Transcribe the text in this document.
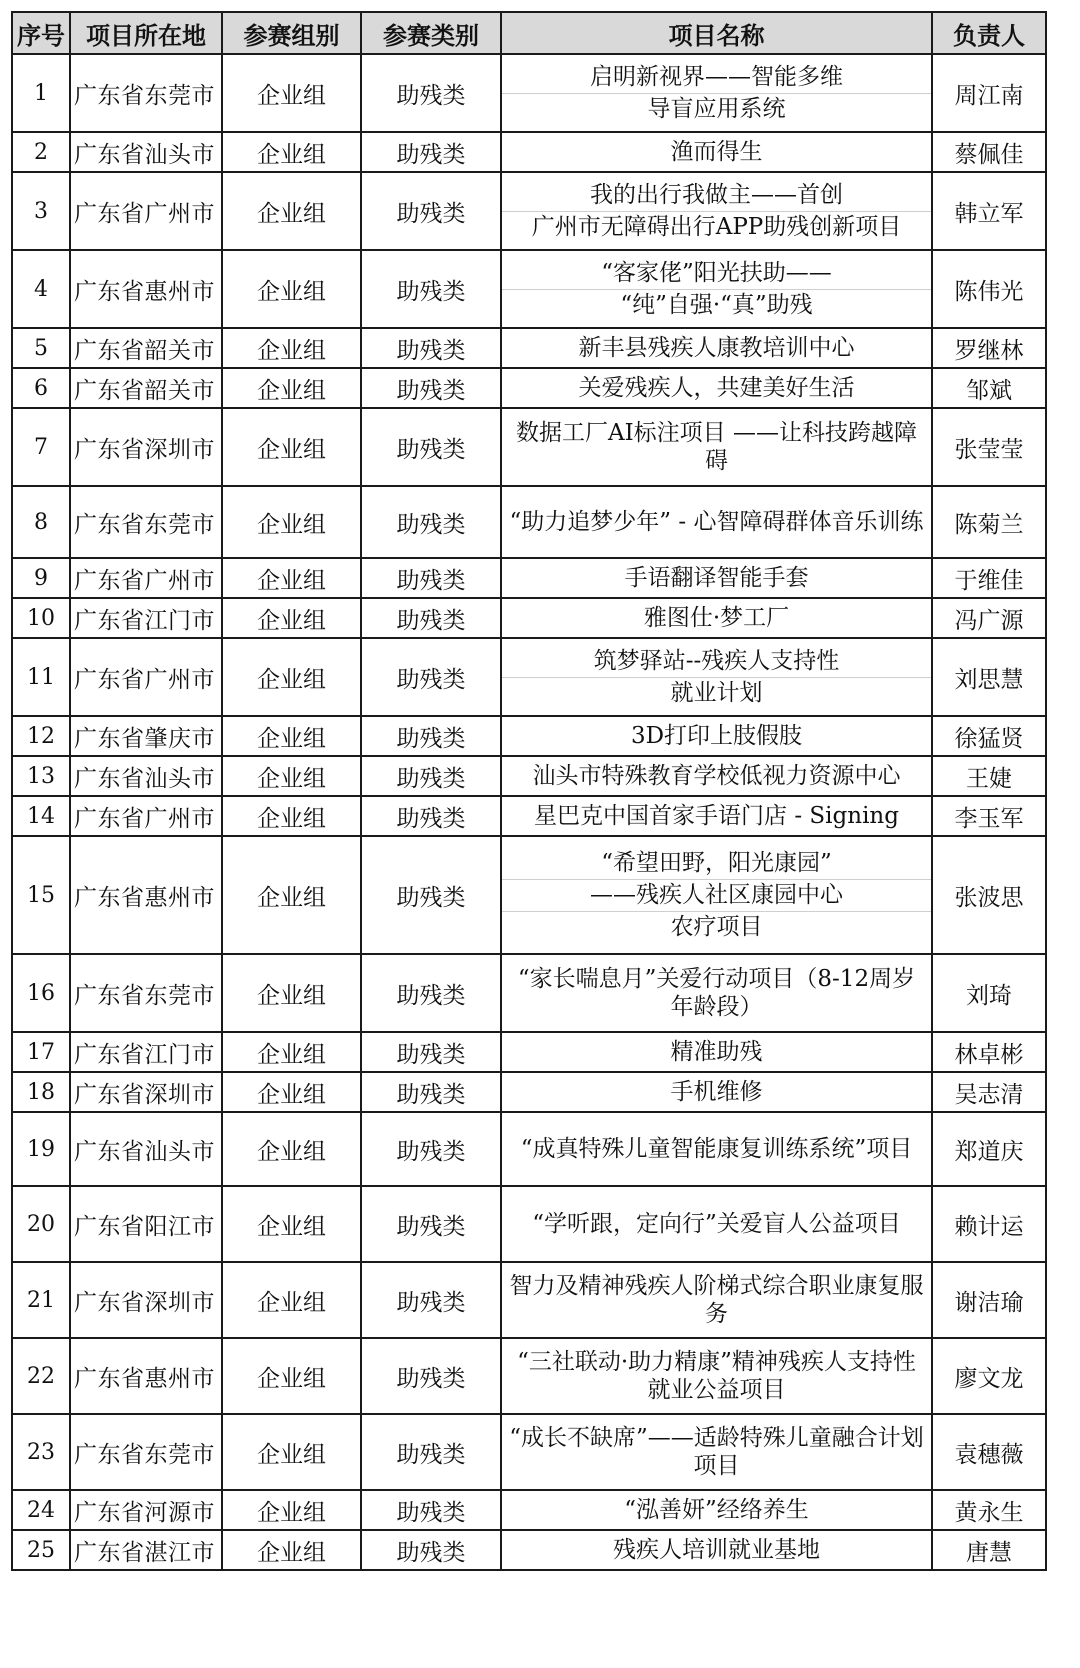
序号	项目所在地	参赛组别	参赛类别	项目名称	负责人
1	广东省东莞市	企业组	助残类	启明新视界——智能多维
导盲应用系统	周江南
2	广东省汕头市	企业组	助残类	渔而得生	蔡佩佳
3	广东省广州市	企业组	助残类	我的出行我做主——首创
广州市无障碍出行APP助残创新项目	韩立军
4	广东省惠州市	企业组	助残类	“客家佬”阳光扶助——
“纯”自强·“真”助残	陈伟光
5	广东省韶关市	企业组	助残类	新丰县残疾人康教培训中心	罗继林
6	广东省韶关市	企业组	助残类	关爱残疾人，共建美好生活	邹斌
7	广东省深圳市	企业组	助残类	数据工厂AI标注项目 ——让科技跨越障碍	张莹莹
8	广东省东莞市	企业组	助残类	“助力追梦少年” - 心智障碍群体音乐训练	陈菊兰
9	广东省广州市	企业组	助残类	手语翻译智能手套	于维佳
10	广东省江门市	企业组	助残类	雅图仕·梦工厂	冯广源
11	广东省广州市	企业组	助残类	筑梦驿站--残疾人支持性
就业计划	刘思慧
12	广东省肇庆市	企业组	助残类	3D打印上肢假肢	徐猛贤
13	广东省汕头市	企业组	助残类	汕头市特殊教育学校低视力资源中心	王婕
14	广东省广州市	企业组	助残类	星巴克中国首家手语门店 - Signing	李玉军
15	广东省惠州市	企业组	助残类	“希望田野，阳光康园”
——残疾人社区康园中心
农疗项目	张波思
16	广东省东莞市	企业组	助残类	“家长喘息月”关爱行动项目（8-12周岁年龄段）	刘琦
17	广东省江门市	企业组	助残类	精准助残	林卓彬
18	广东省深圳市	企业组	助残类	手机维修	吴志清
19	广东省汕头市	企业组	助残类	“成真特殊儿童智能康复训练系统”项目	郑道庆
20	广东省阳江市	企业组	助残类	“学听跟，定向行”关爱盲人公益项目	赖计运
21	广东省深圳市	企业组	助残类	智力及精神残疾人阶梯式综合职业康复服务	谢洁瑜
22	广东省惠州市	企业组	助残类	“三社联动·助力精康”精神残疾人支持性就业公益项目	廖文龙
23	广东省东莞市	企业组	助残类	“成长不缺席”——适龄特殊儿童融合计划项目	袁穗薇
24	广东省河源市	企业组	助残类	“泓善妍”经络养生	黄永生
25	广东省湛江市	企业组	助残类	残疾人培训就业基地	唐慧
